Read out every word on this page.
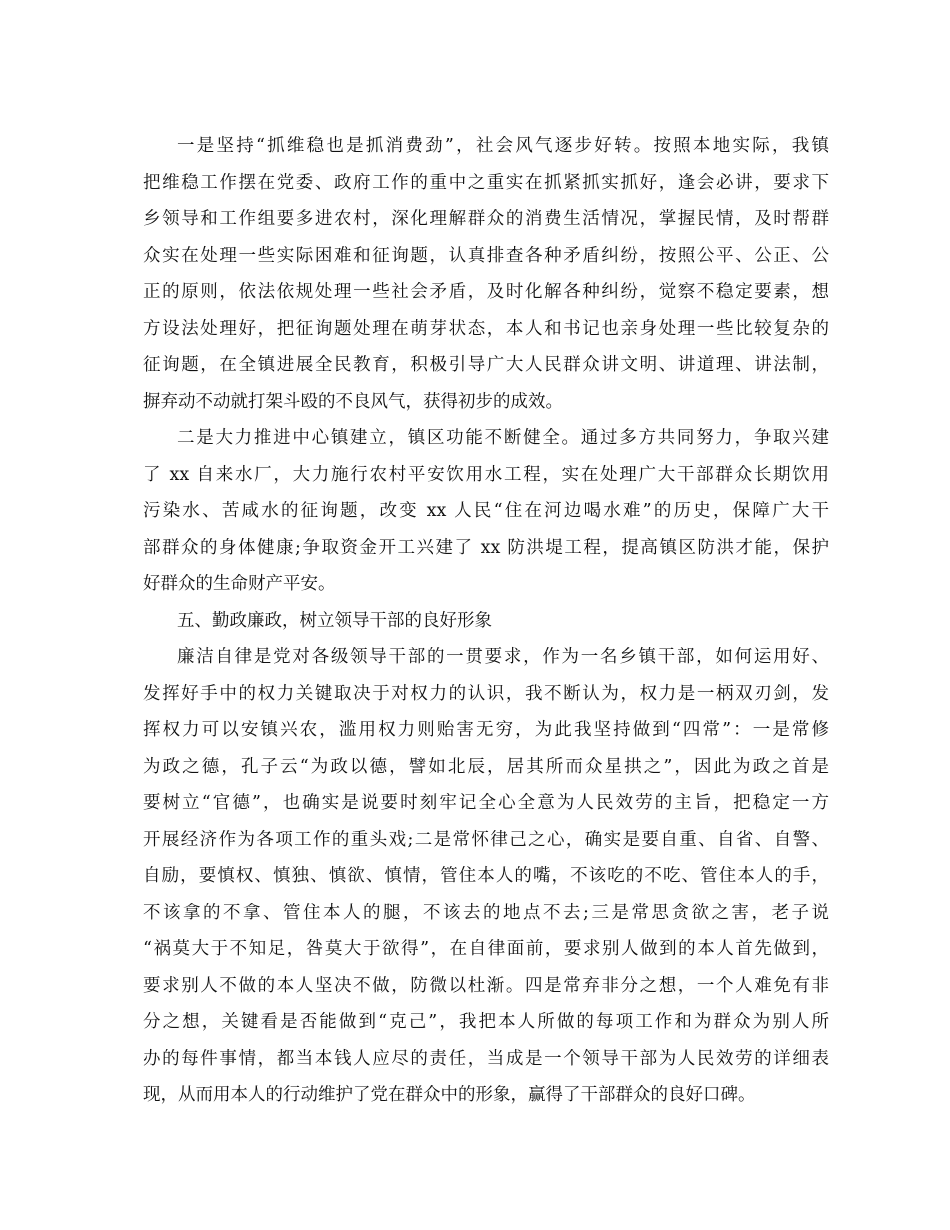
一是坚持“抓维稳也是抓消费劲”，社会风气逐步好转。按照本地实际，我镇
把维稳工作摆在党委、政府工作的重中之重实在抓紧抓实抓好，逢会必讲，要求下
乡领导和工作组要多进农村，深化理解群众的消费生活情况，掌握民情，及时帮群
众实在处理一些实际困难和征询题，认真排查各种矛盾纠纷，按照公平、公正、公
正的原则，依法依规处理一些社会矛盾，及时化解各种纠纷，觉察不稳定要素，想
方设法处理好，把征询题处理在萌芽状态，本人和书记也亲身处理一些比较复杂的
征询题，在全镇进展全民教育，积极引导广大人民群众讲文明、讲道理、讲法制，
摒弃动不动就打架斗殴的不良风气，获得初步的成效。
二是大力推进中心镇建立，镇区功能不断健全。通过多方共同努力，争取兴建
了 xx 自来水厂，大力施行农村平安饮用水工程，实在处理广大干部群众长期饮用
污染水、苦咸水的征询题，改变 xx 人民“住在河边喝水难”的历史，保障广大干
部群众的身体健康;争取资金开工兴建了 xx 防洪堤工程，提高镇区防洪才能，保护
好群众的生命财产平安。
五、勤政廉政，树立领导干部的良好形象
廉洁自律是党对各级领导干部的一贯要求，作为一名乡镇干部，如何运用好、
发挥好手中的权力关键取决于对权力的认识，我不断认为，权力是一柄双刃剑，发
挥权力可以安镇兴农，滥用权力则贻害无穷，为此我坚持做到“四常”：一是常修
为政之德，孔子云“为政以德，譬如北辰，居其所而众星拱之”，因此为政之首是
要树立“官德”，也确实是说要时刻牢记全心全意为人民效劳的主旨，把稳定一方
开展经济作为各项工作的重头戏;二是常怀律己之心，确实是要自重、自省、自警、
自励，要慎权、慎独、慎欲、慎情，管住本人的嘴，不该吃的不吃、管住本人的手，
不该拿的不拿、管住本人的腿，不该去的地点不去;三是常思贪欲之害，老子说
“祸莫大于不知足，咎莫大于欲得”，在自律面前，要求别人做到的本人首先做到，
要求别人不做的本人坚决不做，防微以杜渐。四是常弃非分之想，一个人难免有非
分之想，关键看是否能做到“克己”，我把本人所做的每项工作和为群众为别人所
办的每件事情，都当本钱人应尽的责任，当成是一个领导干部为人民效劳的详细表
现，从而用本人的行动维护了党在群众中的形象，赢得了干部群众的良好口碑。
